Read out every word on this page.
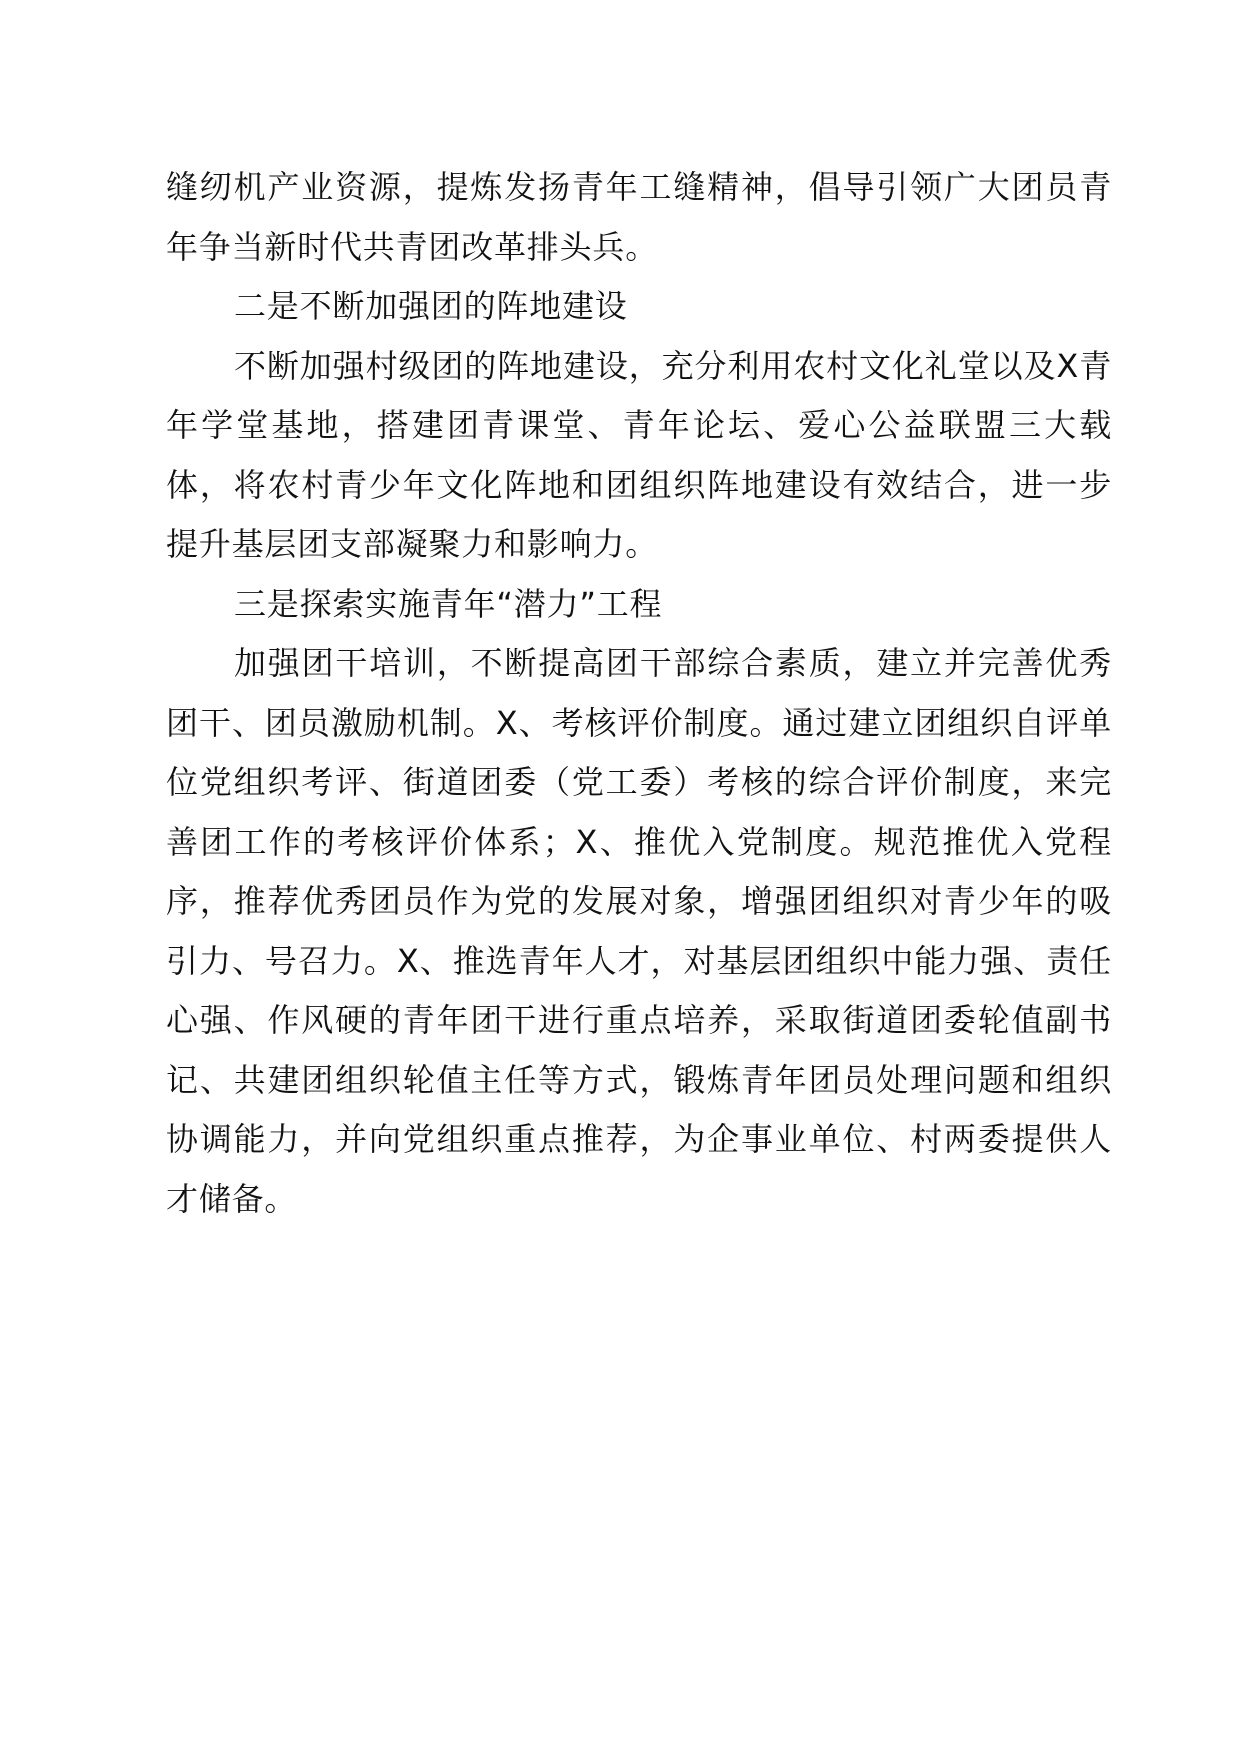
缝纫机产业资源，提炼发扬青年工缝精神，倡导引领广大团员青年争当新时代共青团改革排头兵。

二是不断加强团的阵地建设

不断加强村级团的阵地建设，充分利用农村文化礼堂以及X青年学堂基地，搭建团青课堂、青年论坛、爱心公益联盟三大载体，将农村青少年文化阵地和团组织阵地建设有效结合，进一步提升基层团支部凝聚力和影响力。

三是探索实施青年“潜力”工程

加强团干培训，不断提高团干部综合素质，建立并完善优秀团干、团员激励机制。X、考核评价制度。通过建立团组织自评单位党组织考评、街道团委（党工委）考核的综合评价制度，来完善团工作的考核评价体系；X、推优入党制度。规范推优入党程序，推荐优秀团员作为党的发展对象，增强团组织对青少年的吸引力、号召力。X、推选青年人才，对基层团组织中能力强、责任心强、作风硬的青年团干进行重点培养，采取街道团委轮值副书记、共建团组织轮值主任等方式，锻炼青年团员处理问题和组织协调能力，并向党组织重点推荐，为企事业单位、村两委提供人才储备。
